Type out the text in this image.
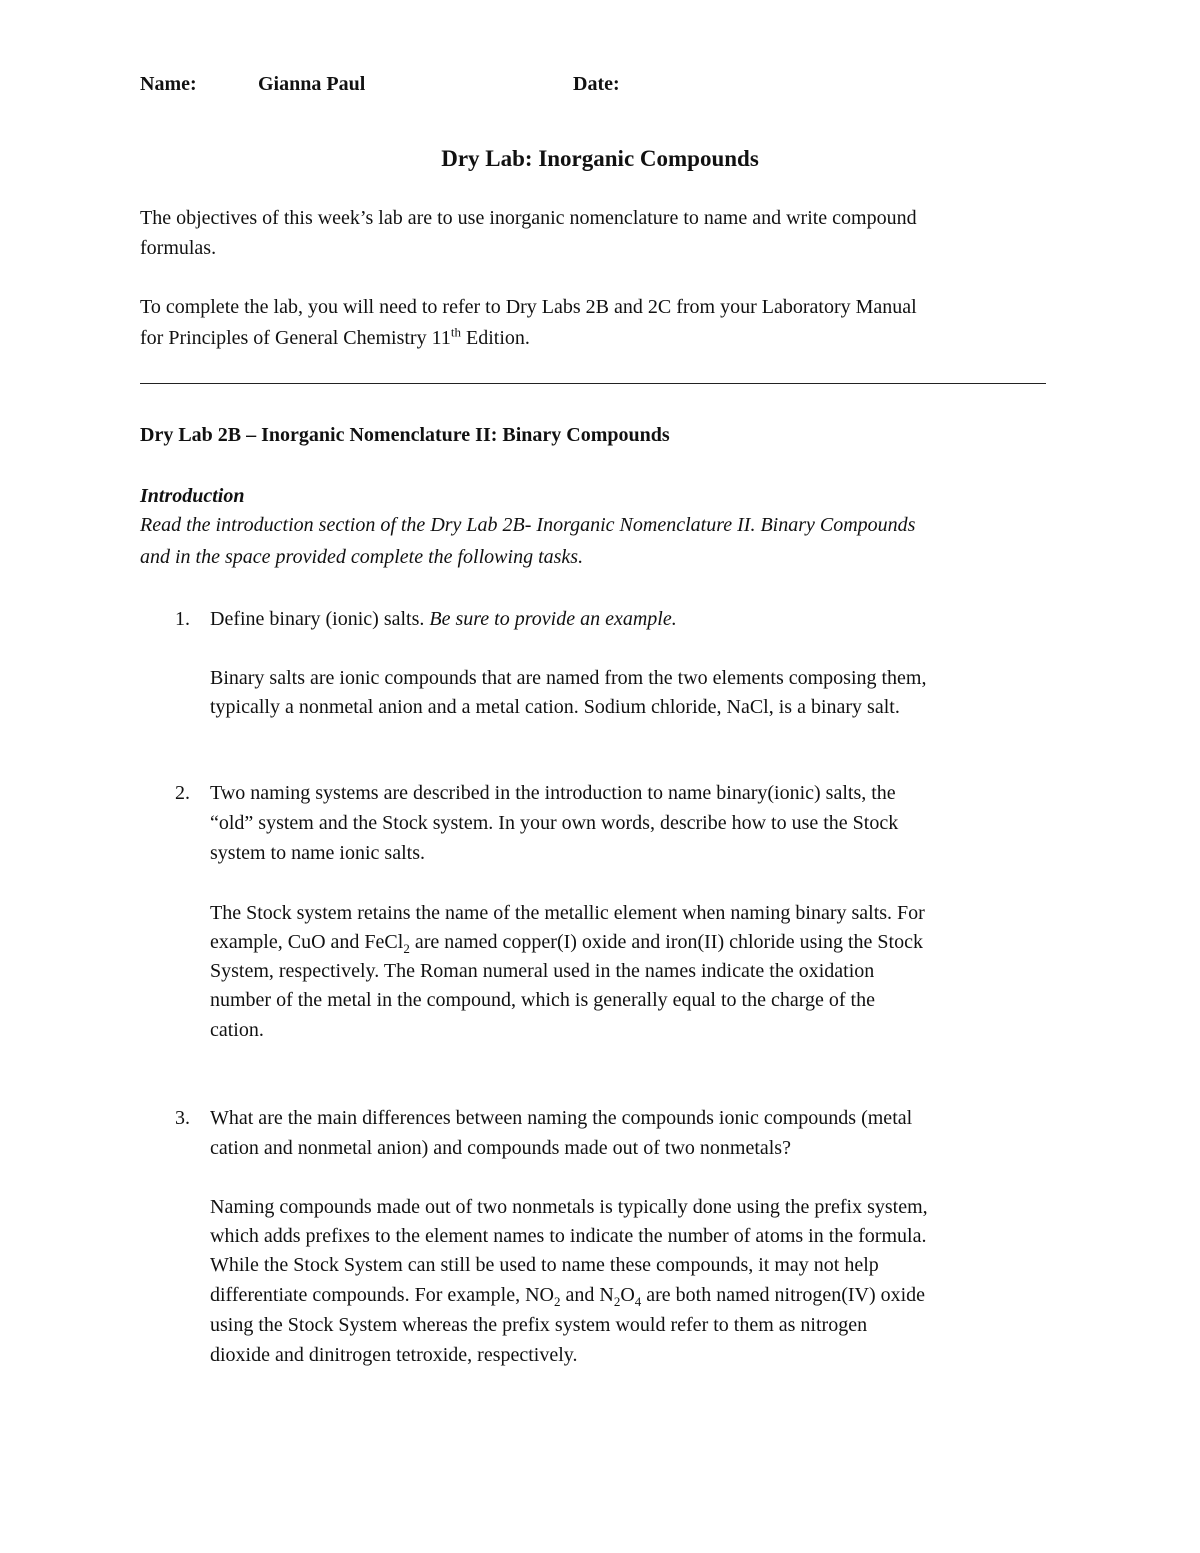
Name:	Gianna Paul	Date:
Dry Lab: Inorganic Compounds
The objectives of this week’s lab are to use inorganic nomenclature to name and write compound
formulas.
To complete the lab, you will need to refer to Dry Labs 2B and 2C from your Laboratory Manual
for Principles of General Chemistry 11th Edition.
Dry Lab 2B – Inorganic Nomenclature II: Binary Compounds
Introduction
Read the introduction section of the Dry Lab 2B- Inorganic Nomenclature II. Binary Compounds
and in the space provided complete the following tasks.
1.	Define binary (ionic) salts. Be sure to provide an example.
Binary salts are ionic compounds that are named from the two elements composing them,
typically a nonmetal anion and a metal cation. Sodium chloride, NaCl, is a binary salt.
2.	Two naming systems are described in the introduction to name binary(ionic) salts, the
“old” system and the Stock system. In your own words, describe how to use the Stock
system to name ionic salts.
The Stock system retains the name of the metallic element when naming binary salts. For
example, CuO and FeCl$_2$ are named copper(I) oxide and iron(II) chloride using the Stock
System, respectively. The Roman numeral used in the names indicate the oxidation
number of the metal in the compound, which is generally equal to the charge of the
cation.
3.	What are the main differences between naming the compounds ionic compounds (metal
cation and nonmetal anion) and compounds made out of two nonmetals?
Naming compounds made out of two nonmetals is typically done using the prefix system,
which adds prefixes to the element names to indicate the number of atoms in the formula.
While the Stock System can still be used to name these compounds, it may not help
differentiate compounds. For example, $NO_2$ and $N_2O_4$ are both named nitrogen(IV) oxide
using the Stock System whereas the prefix system would refer to them as nitrogen
dioxide and dinitrogen tetroxide, respectively.
